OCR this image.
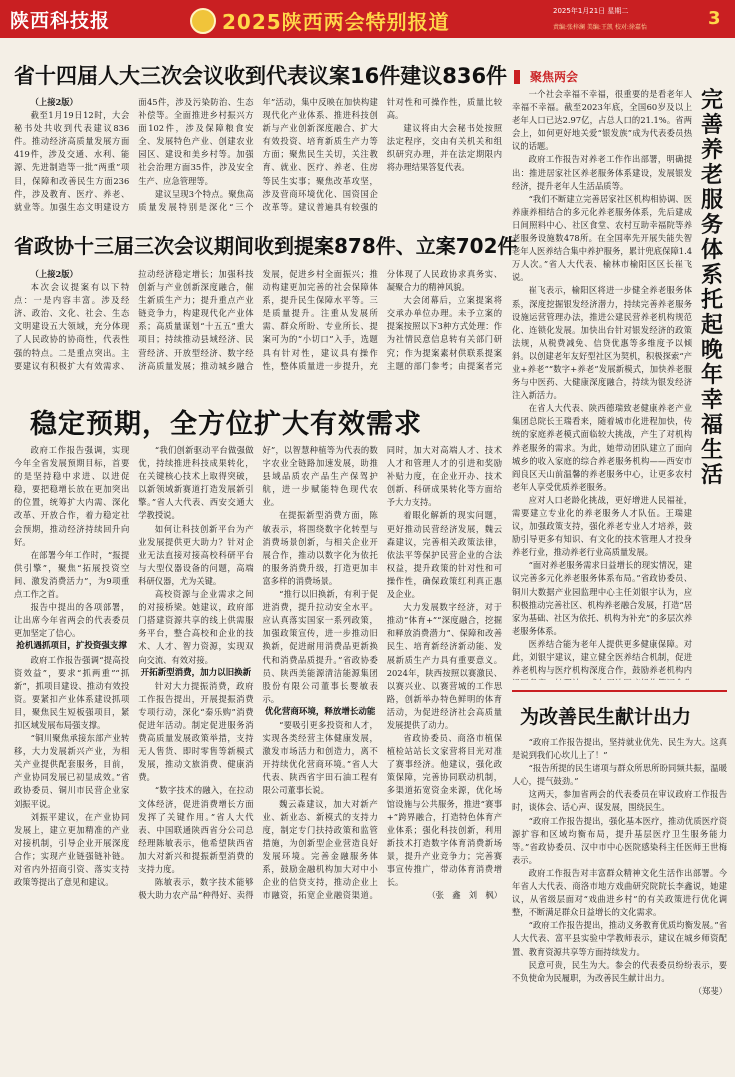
陕西科技报	2025陕西两会特别报道	2025年1月21日 星期二
责编:张梓澜 美编:王凯 校对:徐嘉怡	3
省十四届人大三次会议收到代表议案16件建议836件

（上接2版）

截至1月19日12时，大会秘书处共收到代表建议836件。推动经济高质量发展方面419件，涉及交通、水利、能源、先进制造等一批“两重”项目，保障和改善民生方面236件，涉及教育、医疗、养老、就业等。加强生态文明建设方面45件，涉及污染防治、生态补偿等。全面推进乡村振兴方面102件，涉及保障粮食安全、发展特色产业、创建农业园区、建设和美乡村等。加强社会治理方面35件，涉及安全生产、应急管理等。

建议呈现3个特点。聚焦高质量发展特别是深化“三个年”活动，集中反映在加快构建现代化产业体系、推进科技创新与产业创新深度融合、扩大有效投资、培育新质生产力等方面；聚焦民生关切，关注教育、就业、医疗、养老、住房等民生实事；聚焦改革攻坚，涉及营商环境优化、国资国企改革等。建议普遍具有较强的针对性和可操作性，质量比较高。

建议将由大会秘书处按照法定程序，交由有关机关和组织研究办理，并在法定期限内将办理结果答复代表。

省政协十三届三次会议期间收到提案878件、立案702件

（上接2版）

本次会议提案有以下特点：一是内容丰富。涉及经济、政治、文化、社会、生态文明建设五大领域，充分体现了人民政协的协商性，代表性强的特点。二是重点突出。主要建议有积极扩大有效需求、拉动经济稳定增长；加强科技创新与产业创新深度融合，催生新质生产力；提升重点产业链竞争力，构建现代化产业体系；高质量谋划“十五五”重大项目；持续推动县域经济、民营经济、开放型经济、数字经济高质量发展；推动城乡融合发展，促进乡村全面振兴；推动构建更加完善的社会保障体系，提升民生保障水平等。三是质量提升。注重从发展所需、群众所盼、专业所长、提案可为的“小切口”入手，选题具有针对性，建议具有操作性，整体质量进一步提升，充分体现了人民政协求真务实、凝聚合力的精神风貌。

大会闭幕后，立案提案将交承办单位办理。未予立案的提案按照以下3种方式处理：作为社情民意信息转有关部门研究；作为提案素材供联系提案主题的部门参考；由提案者完

稳定预期，全方位扩大有效需求

政府工作报告强调，实现今年全省发展预期目标，首要的是坚持稳中求进、以进促稳，要把稳增长放在更加突出的位置，统筹扩大内需、深化改革、开放合作，着力稳定社会预期，推动经济持续回升向好。

在部署今年工作时，“报提供引擎”，聚焦“拓展投资空间、激发消费活力”，为9项重点工作之首。

报告中提出的各项部署，让出席今年省两会的代表委员更加坚定了信心。

抢机遇抓项目，扩投资强支撑

政府工作报告强调“提高投资效益”，要求“抓两重”“抓新”，抓项目建设、推动有效投资。要紧扣产业体系建设抓项目，聚焦民生短板强项目，紧扣区域发展布局强支撑。

“铜川聚焦承接东部产业转移，大力发展新兴产业，为相关产业提供配套服务，目前，产业协同发展已初显成效。”省政协委员、铜川市民营企业家刘振平说。

刘振平建议，在产业协同发展上，建立更加精准的产业对接机制，引导企业开展深度合作；实现产业链强链补链。对省内外招商引资、落实支持政策等提出了意见和建议。

“我们创新驱动平台做强做优，持续推进科技成果转化，在关键核心技术上取得突破，以新领域新赛道打造发展新引擎。”省人大代表、西安交通大学教授说。

如何让科技创新平台为产业发展提供更大助力？针对企业无法直接对接高校科研平台与大型仪器设备的问题，高端科研仪器，尤为关键。

高校资源与企业需求之间的对接桥梁。她建议，政府部门搭建资源共享的线上供需服务平台，整合高校和企业的技术、人才、智力资源，实现双向交流、有效对接。

开拓新型消费，加力以旧换新

针对大力提振消费，政府工作报告提出，开展提振消费专项行动，深化“秦乐购”消费促进年活动。制定促进服务消费高质量发展政策举措，支持无人售货、即时零售等新模式发展，推动文旅消费、健康消费。

“数字技术的融入，在拉动文体经济，促进消费增长方面发挥了关键作用。”省人大代表、中国联通陕西省分公司总经理陈敏表示，他希望陕西省加大对新兴和提振新型消费的支持力度。

陈敏表示，数字技术能够极大助力农产品“种得好、卖得好”，以智慧种植等为代表的数字农业全链路加速发展，助推县域品质农产品生产保驾护航，进一步赋能特色现代农业。

在提振新型消费方面，陈敏表示，将围绕数字化转型与消费场景创新，与相关企业开展合作，推动以数字化为依托的服务消费升级，打造更加丰富多样的消费场景。

“推行以旧换新，有利于促进消费，提升拉动安全水平。应认真落实国家一系列政策，加强政策宣传，进一步推动旧换新，促进耐用消费品更新换代和消费品质提升。”省政协委员、陕西美能源清洁能源集团股份有限公司董事长婴敏表示。

优化营商环境，释放增长动能

“要吸引更多投资和人才，实现各类经营主体健康发展，激发市场活力和创造力，离不开持续优化营商环境。”省人大代表、陕西省宇田石油工程有限公司董事长说。

魏云森建议，加大对新产业、新业态、新模式的支持力度，制定专门扶持政策和监管措施，为创新型企业营造良好发展环境。完善金融服务体系，鼓励金融机构加大对中小企业的信贷支持，推动企业上市融资，拓宽企业融资渠道。同时，加大对高端人才、技术人才和管理人才的引进和奖励补贴力度，在企业开办、技术创新、科研成果转化等方面给予大力支持。

着眼化解新的现实问题，更好推动民营经济发展，魏云森建议，完善相关政策法律，依法平等保护民营企业的合法权益，提升政策的针对性和可操作性，确保政策红利真正惠及企业。

大力发展数字经济，对于推动“体育+”“深度融合，挖掘和释放消费潜力”、保障和改善民生、培育新经济新动能、发展新质生产力具有重要意义。2024年，陕西按照以赛激民、以赛兴业、以赛营城的工作思路，创新举办特色鲜明的体育活动，为促进经济社会高质量发展提供了动力。

省政协委员、商洛市植保植检站站长文家营将目光对准了赛事经济。他建议，强化政策保障，完善协同联动机制，多渠道拓宽资金来源，优化场馆设施与公共服务，推进“赛事+”跨界融合，打造特色体育产业体系；强化科技创新，利用新技术打造数字体育消费新场景，提升产业竞争力；完善赛事宣传推广，带动体育消费增长。

（张　鑫　刘　枫）

聚焦两会
完善养老服务体系 托起晚年幸福生活

一个社会幸福不幸福，很重要的是看老年人幸福不幸福。截至2023年底，全国60岁及以上老年人口已达2.97亿，占总人口的21.1%。省两会上，如何更好地关爱“银发族”成为代表委员热议的话题。

政府工作报告对养老工作作出部署，明确提出：推进居家社区养老服务体系建设，发展银发经济，提升老年人生活品质等。

“我们不断建立完善居家社区机构相协调、医养康养相结合的多元化养老服务体系，先后建成日间照料中心、社区食堂、农村互助幸福院等养老服务设施数478所。在全国率先开展失能失智老年人医养结合集中养护服务，累计兜底保障1.4万人次。”省人大代表、榆林市榆阳区区长崔飞说。

崔飞表示，榆阳区将进一步健全养老服务体系，深度挖掘银发经济潜力，持续完善养老服务设施运营管理办法，推进公建民营养老机构规范化、连锁化发展。加快出台针对银发经济的政策法规，从税费减免、信贷优惠等多维度予以倾斜。以创建老年友好型社区为契机，积极探索“产业+养老”“数字+养老”发展新模式，加快养老服务与中医药、大健康深度融合，持续为银发经济注入新活力。

在省人大代表、陕西德瑞致老健康养老产业集团总院长王瑞看来，随着城市化进程加快，传统的家庭养老模式面临较大挑战，产生了对机构养老服务的需求。为此，她带动团队建立了面向城乡的收入家庭的综合养老服务机构——西安市阎良区天山前温馨的养老服务中心，让更多农村老年人享受优质养老服务。

应对人口老龄化挑战，更好增进人民福祉，需要建立专业化的养老服务人才队伍。王瑞建议，加强政策支持，强化养老专业人才培养，鼓励引导更多有知识、有文化的技术管理人才投身养老行业，推动养老行业高质量发展。

“面对养老服务需求日益增长的现实情况，建议完善多元化养老服务体系布局。”省政协委员、铜川大数据产业园监理中心主任刘银宇认为，应积极推动完善社区、机构养老融合发展，打造“居家为基础、社区为依托、机构为补充”的多层次养老服务体系。

医养结合能为老年人提供更多健康保障。对此，刘银宇建议，建立健全医养结合机制，促进养老机构与医疗机构深度合作，鼓励养老机构内

为改善民生献计出力

“政府工作报告提出，坚持就业优先、民生为大。这真是说到我们心坎儿上了！”

“报告所提的民生诸项与群众所思所盼同频共振，温暖人心，提气鼓劲。”

这两天，参加省两会的代表委员在审议政府工作报告时，谈体会、话心声、谋发展，围绕民生。

“政府工作报告提出，强化基本医疗，推动优质医疗资源扩容和区域均衡布局，提升基层医疗卫生服务能力等。”省政协委员、汉中市中心医院感染科主任医师王世梅表示。

政府工作报告对丰富群众精神文化生活作出部署。今年省人大代表、商洛市地方戏曲研究院院长李鑫说，她建议，从省级层面对“戏曲进乡村”的有关政策进行优化调整，不断满足群众日益增长的文化需求。

“政府工作报告提出，推动义务教育优质均衡发展。”省人大代表、富平县实验中学教师表示，建议在城乡师资配置、教育资源共享等方面持续发力。

民意可贵，民生为大。参会的代表委员纷纷表示，要不负使命为民履职，为改善民生献计出力。

（郑斐）
